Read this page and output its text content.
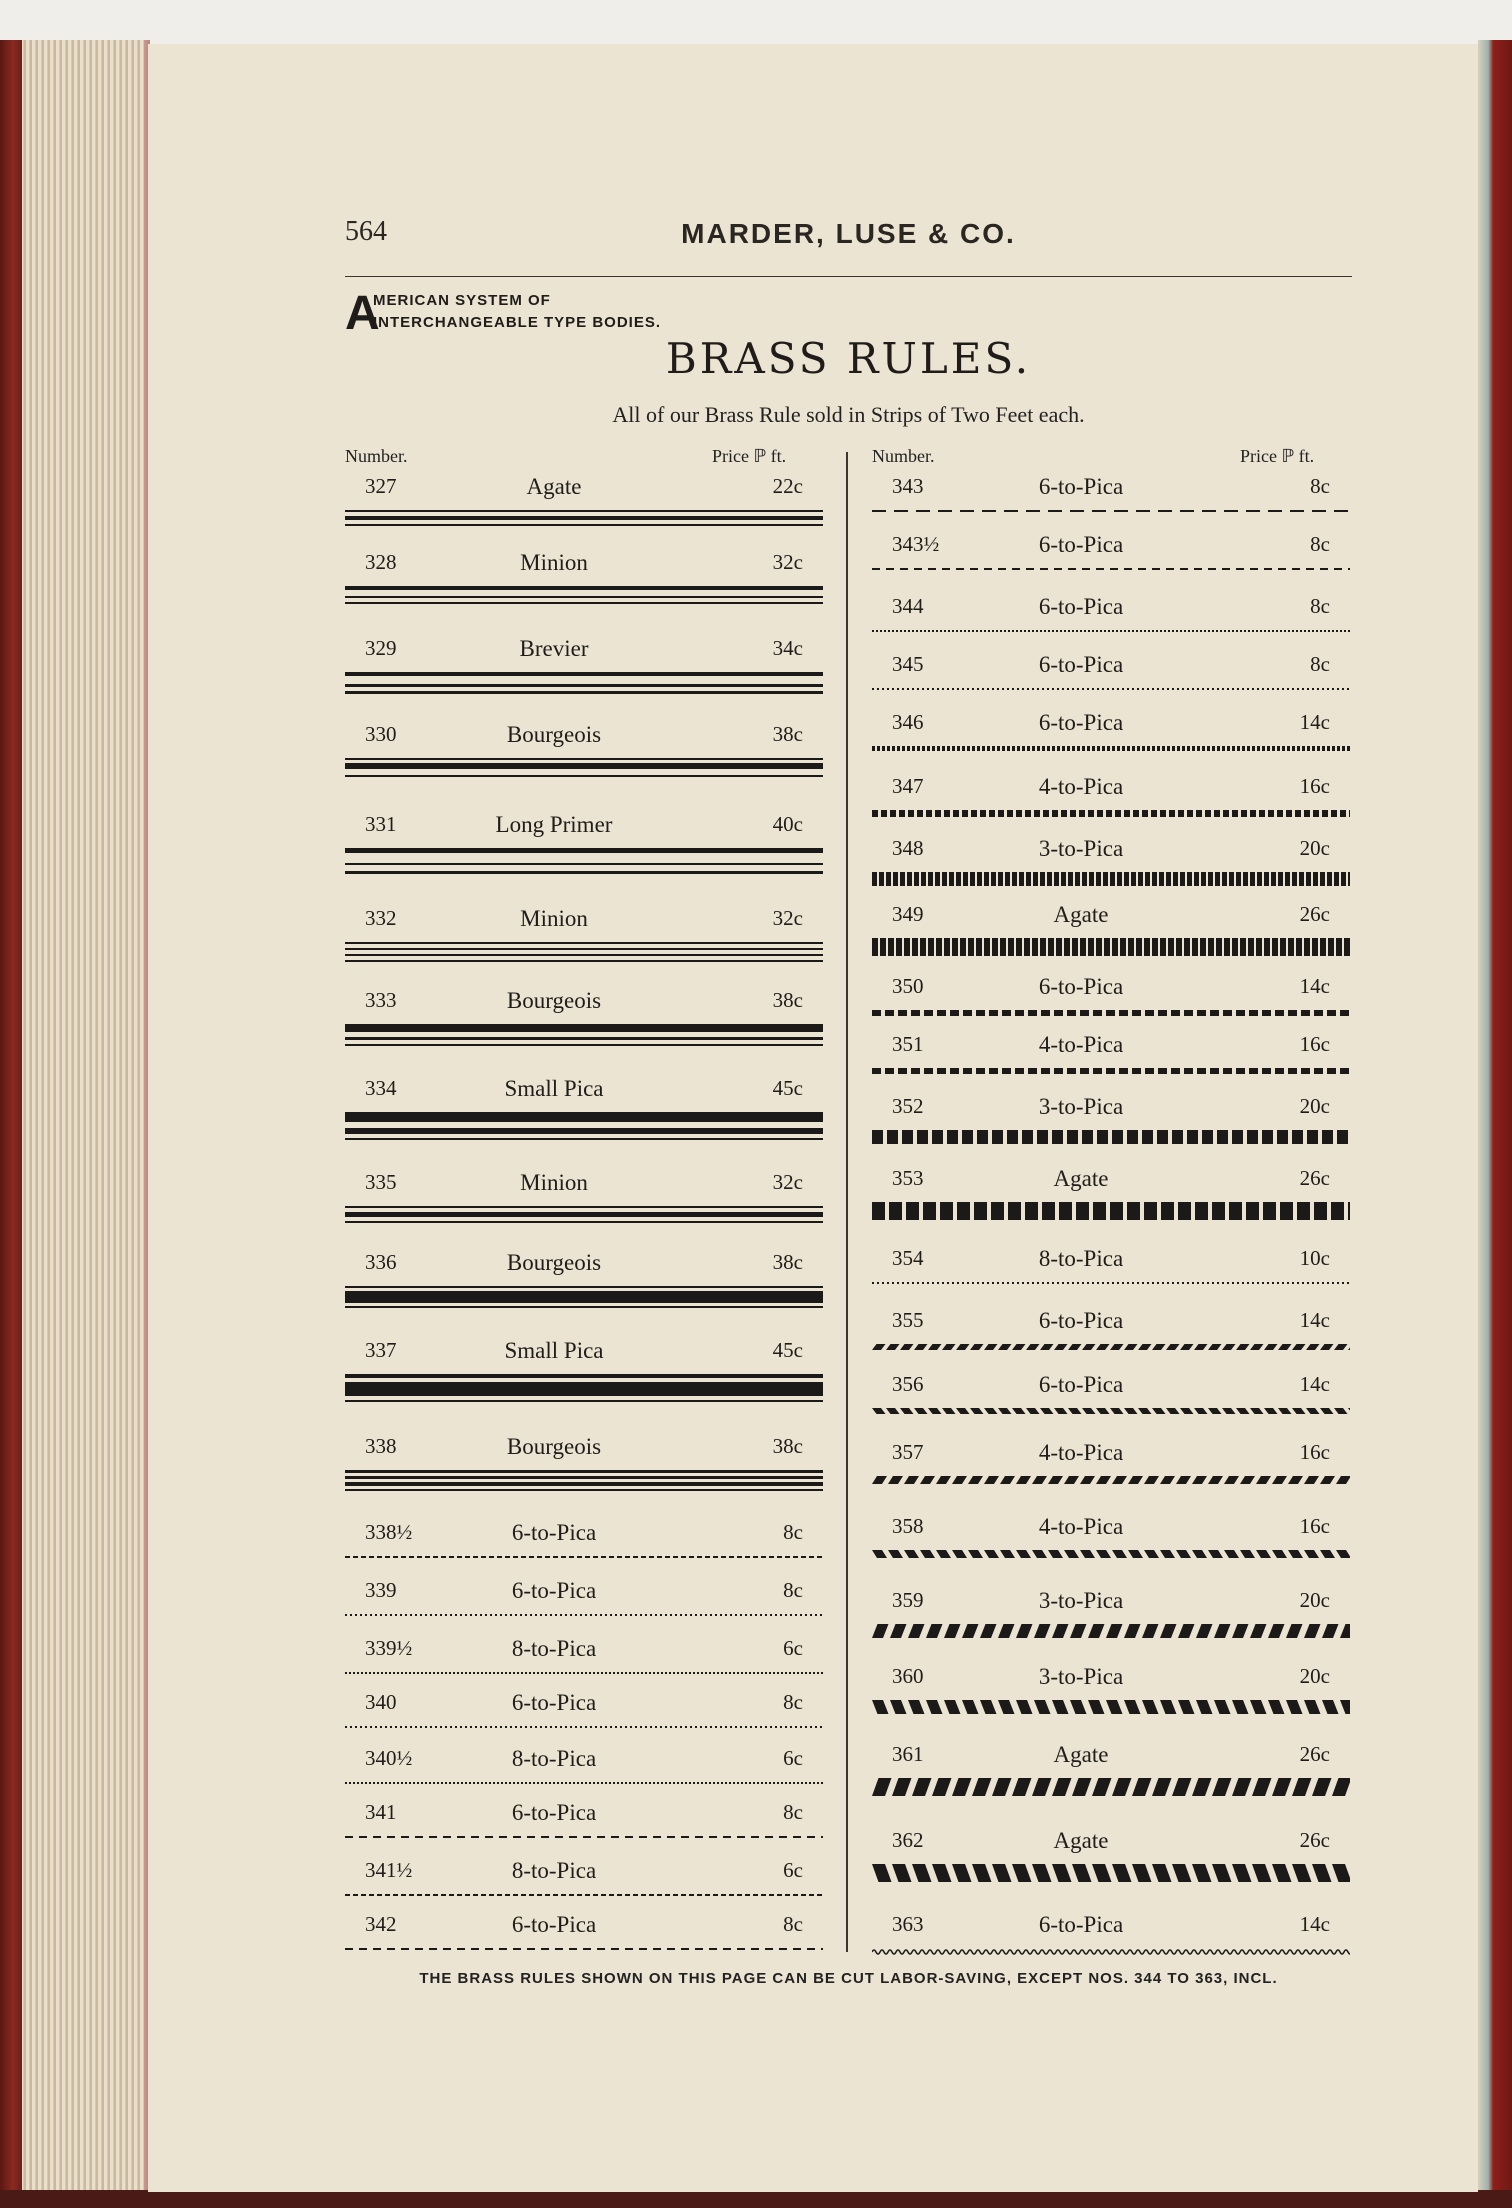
564	MARDER, LUSE & CO.
A
MERICAN SYSTEM OF
INTERCHANGEABLE TYPE BODIES.
BRASS RULES.
All of our Brass Rule sold in Strips of Two Feet each.
Number.	Price ℙ ft.	Number.	Price ℙ ft.
327	Agate	22c
328	Minion	32c
329	Brevier	34c
330	Bourgeois	38c
331	Long Primer	40c
332	Minion	32c
333	Bourgeois	38c
334	Small Pica	45c
335	Minion	32c
336	Bourgeois	38c
337	Small Pica	45c
338	Bourgeois	38c
338½	6-to-Pica	8c
339	6-to-Pica	8c
339½	8-to-Pica	6c
340	6-to-Pica	8c
340½	8-to-Pica	6c
341	6-to-Pica	8c
341½	8-to-Pica	6c
342	6-to-Pica	8c
343	6-to-Pica	8c
343½	6-to-Pica	8c
344	6-to-Pica	8c
345	6-to-Pica	8c
346	6-to-Pica	14c
347	4-to-Pica	16c
348	3-to-Pica	20c
349	Agate	26c
350	6-to-Pica	14c
351	4-to-Pica	16c
352	3-to-Pica	20c
353	Agate	26c
354	8-to-Pica	10c
355	6-to-Pica	14c
356	6-to-Pica	14c
357	4-to-Pica	16c
358	4-to-Pica	16c
359	3-to-Pica	20c
360	3-to-Pica	20c
361	Agate	26c
362	Agate	26c
363	6-to-Pica	14c
THE BRASS RULES SHOWN ON THIS PAGE CAN BE CUT LABOR-SAVING, EXCEPT NOS. 344 TO 363, INCL.
